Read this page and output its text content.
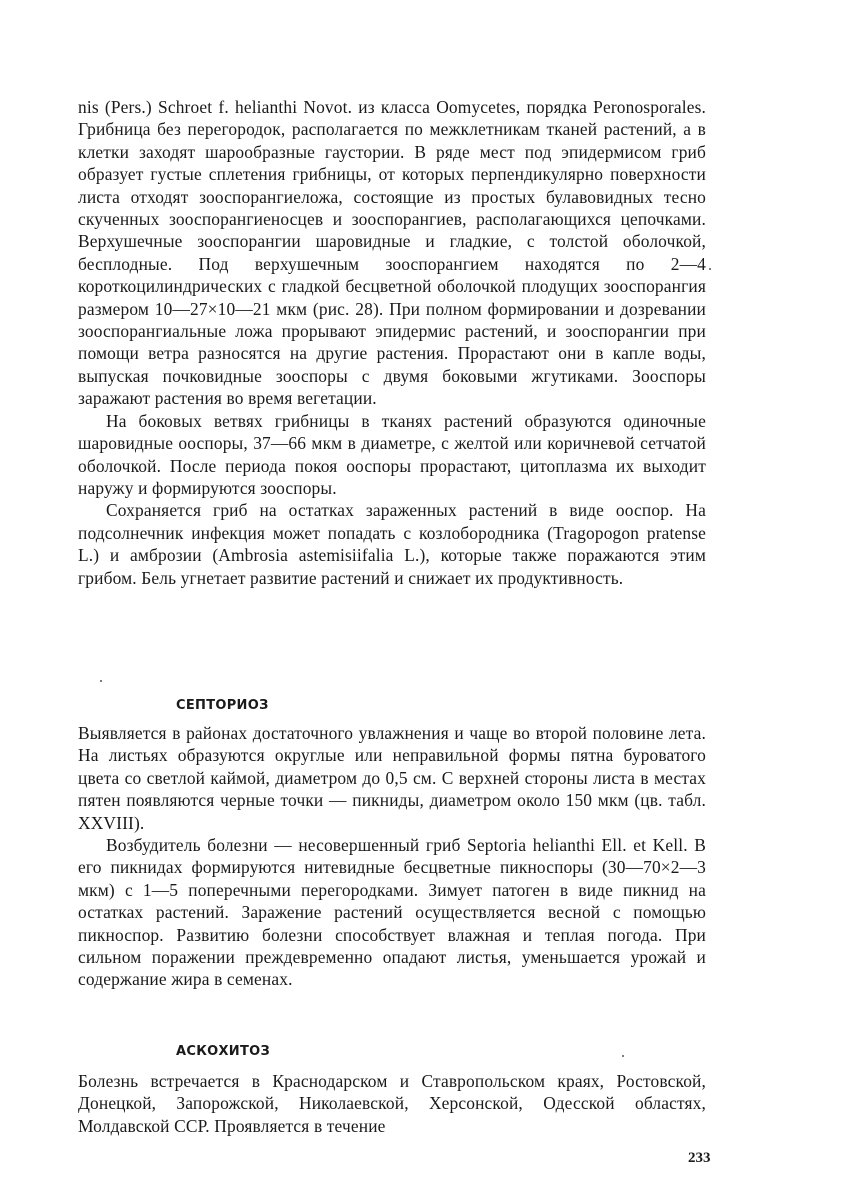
nis (Pers.) Schroet f. helianthi Novot. из класса Oomycetes, порядка Peronosporales. Грибница без перегородок, располагается по межклетникам тканей растений, а в клетки заходят шарообразные гаустории. В ряде мест под эпидермисом гриб образует густые сплетения грибницы, от которых перпендикулярно поверхности листа отходят зооспорангиеложа, состоящие из простых булавовидных тесно скученных зооспорангиеносцев и зооспорангиев, располагающихся цепочками. Верхушечные зооспорангии шаровидные и гладкие, с толстой оболочкой, бесплодные. Под верхушечным зооспорангием находятся по 2—4 короткоцилиндрических с гладкой бесцветной оболочкой плодущих зооспорангия размером 10—27×10—21 мкм (рис. 28). При полном формировании и дозревании зооспорангиальные ложа прорывают эпидермис растений, и зооспорангии при помощи ветра разносятся на другие растения. Прорастают они в капле воды, выпуская почковидные зооспоры с двумя боковыми жгутиками. Зооспоры заражают растения во время вегетации.

На боковых ветвях грибницы в тканях растений образуются одиночные шаровидные ооспоры, 37—66 мкм в диаметре, с желтой или коричневой сетчатой оболочкой. После периода покоя ооспоры прорастают, цитоплазма их выходит наружу и формируются зооспоры.

Сохраняется гриб на остатках зараженных растений в виде ооспор. На подсолнечник инфекция может попадать с козлобородника (Tragopogon pratense L.) и амброзии (Ambrosia astemisiifalia L.), которые также поражаются этим грибом. Бель угнетает развитие растений и снижает их продуктивность.

СЕПТОРИОЗ

Выявляется в районах достаточного увлажнения и чаще во второй половине лета. На листьях образуются округлые или неправильной формы пятна буроватого цвета со светлой каймой, диаметром до 0,5 см. С верхней стороны листа в местах пятен появляются черные точки — пикниды, диаметром около 150 мкм (цв. табл. XXVIII).

Возбудитель болезни — несовершенный гриб Septoria helianthi Ell. et Kell. В его пикнидах формируются нитевидные бесцветные пикноспоры (30—70×2—3 мкм) с 1—5 поперечными перегородками. Зимует патоген в виде пикнид на остатках растений. Заражение растений осуществляется весной с помощью пикноспор. Развитию болезни способствует влажная и теплая погода. При сильном поражении преждевременно опадают листья, уменьшается урожай и содержание жира в семенах.

АСКОХИТОЗ

Болезнь встречается в Краснодарском и Ставропольском краях, Ростовской, Донецкой, Запорожской, Николаевской, Херсонской, Одесской областях, Молдавской ССР. Проявляется в течение

233
